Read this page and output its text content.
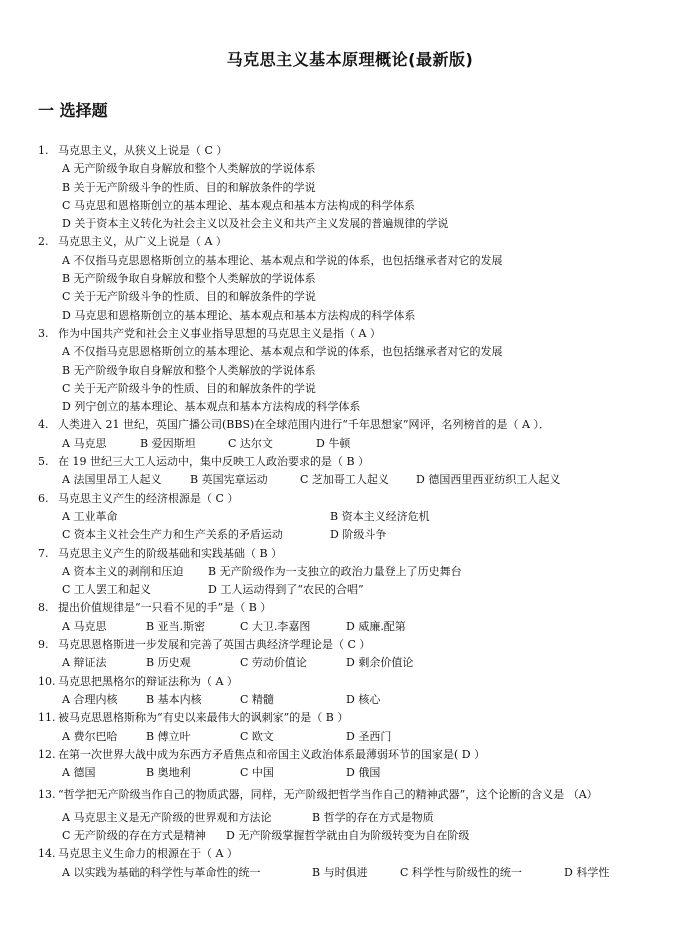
马克思主义基本原理概论(最新版)
一 选择题
1. 马克思主义，从狭义上说是（ C ）
A 无产阶级争取自身解放和整个人类解放的学说体系
B 关于无产阶级斗争的性质、目的和解放条件的学说
C 马克思和恩格斯创立的基本理论、基本观点和基本方法构成的科学体系
D 关于资本主义转化为社会主义以及社会主义和共产主义发展的普遍规律的学说
2. 马克思主义，从广义上说是（ A ）
A 不仅指马克思恩格斯创立的基本理论、基本观点和学说的体系，也包括继承者对它的发展
B 无产阶级争取自身解放和整个人类解放的学说体系
C 关于无产阶级斗争的性质、目的和解放条件的学说
D 马克思和恩格斯创立的基本理论、基本观点和基本方法构成的科学体系
3. 作为中国共产党和社会主义事业指导思想的马克思主义是指（ A ）
A 不仅指马克思恩格斯创立的基本理论、基本观点和学说的体系，也包括继承者对它的发展
B 无产阶级争取自身解放和整个人类解放的学说体系
C 关于无产阶级斗争的性质、目的和解放条件的学说
D 列宁创立的基本理论、基本观点和基本方法构成的科学体系
4. 人类进入 21 世纪，英国广播公司(BBS)在全球范围内进行“千年思想家”网评，名列榜首的是（ A ）．
A 马克思	B 爱因斯坦	C 达尔文	D 牛顿
5. 在 19 世纪三大工人运动中，集中反映工人政治要求的是（ B ）
A 法国里昂工人起义	B 英国宪章运动	C 芝加哥工人起义	D 德国西里西亚纺织工人起义
6. 马克思主义产生的经济根源是（ C ）
A 工业革命	B 资本主义经济危机
C 资本主义社会生产力和生产关系的矛盾运动	D 阶级斗争
7. 马克思主义产生的阶级基础和实践基础（ B ）
A 资本主义的剥削和压迫	B 无产阶级作为一支独立的政治力量登上了历史舞台
C 工人罢工和起义	D 工人运动得到了“农民的合唱”
8. 提出价值规律是“一只看不见的手”是（ B ）
A 马克思	B 亚当.斯密	C 大卫.李嘉图	D 威廉.配第
9. 马克思恩格斯进一步发展和完善了英国古典经济学理论是（ C ）
A 辩证法	B 历史观	C 劳动价值论	D 剩余价值论
10. 马克思把黑格尔的辩证法称为（ A ）
A 合理内核	B 基本内核	C 精髓	D 核心
11. 被马克思恩格斯称为“有史以来最伟大的讽刺家”的是（ B ）
A 费尔巴哈	B 傅立叶	C 欧文	D 圣西门
12. 在第一次世界大战中成为东西方矛盾焦点和帝国主义政治体系最薄弱环节的国家是( D ）
A 德国	B 奥地利	C 中国	D 俄国
13. “哲学把无产阶级当作自己的物质武器，同样，无产阶级把哲学当作自己的精神武器”，这个论断的含义是 （A）
A 马克思主义是无产阶级的世界观和方法论	B 哲学的存在方式是物质
C 无产阶级的存在方式是精神	D 无产阶级掌握哲学就由自为阶级转变为自在阶级
14. 马克思主义生命力的根源在于（ A ）
A 以实践为基础的科学性与革命性的统一	B 与时俱进	C 科学性与阶级性的统一	D 科学性
